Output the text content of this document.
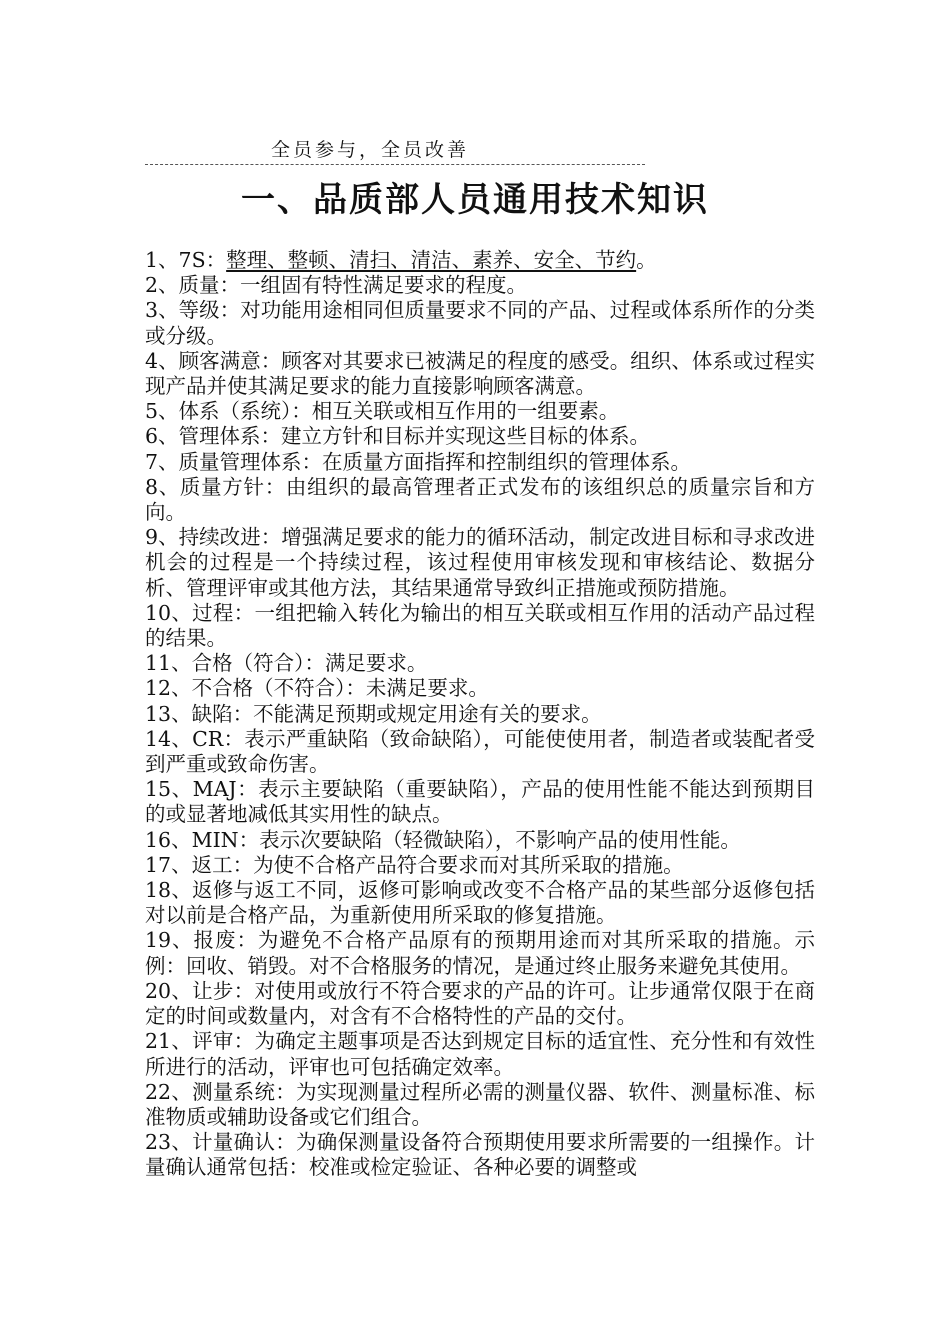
全员参与，全员改善
一、品质部人员通用技术知识

1、7S：整理、整顿、清扫、清洁、素养、安全、节约。

2、质量：一组固有特性满足要求的程度。

3、等级：对功能用途相同但质量要求不同的产品、过程或体系所作的分类或分级。

4、顾客满意：顾客对其要求已被满足的程度的感受。组织、体系或过程实现产品并使其满足要求的能力直接影响顾客满意。

5、体系（系统）：相互关联或相互作用的一组要素。

6、管理体系：建立方针和目标并实现这些目标的体系。

7、质量管理体系：在质量方面指挥和控制组织的管理体系。

8、质量方针：由组织的最高管理者正式发布的该组织总的质量宗旨和方向。

9、持续改进：增强满足要求的能力的循环活动，制定改进目标和寻求改进机会的过程是一个持续过程，该过程使用审核发现和审核结论、数据分析、管理评审或其他方法，其结果通常导致纠正措施或预防措施。

10、过程：一组把输入转化为输出的相互关联或相互作用的活动产品过程的结果。

11、合格（符合）：满足要求。

12、不合格（不符合）：未满足要求。

13、缺陷：不能满足预期或规定用途有关的要求。

14、CR：表示严重缺陷（致命缺陷），可能使使用者，制造者或装配者受到严重或致命伤害。

15、MAJ：表示主要缺陷（重要缺陷），产品的使用性能不能达到预期目的或显著地减低其实用性的缺点。

16、MIN：表示次要缺陷（轻微缺陷），不影响产品的使用性能。

17、返工：为使不合格产品符合要求而对其所采取的措施。

18、返修与返工不同，返修可影响或改变不合格产品的某些部分返修包括对以前是合格产品，为重新使用所采取的修复措施。

19、报废：为避免不合格产品原有的预期用途而对其所采取的措施。示例：回收、销毁。对不合格服务的情况，是通过终止服务来避免其使用。

20、让步：对使用或放行不符合要求的产品的许可。让步通常仅限于在商定的时间或数量内，对含有不合格特性的产品的交付。

21、评审：为确定主题事项是否达到规定目标的适宜性、充分性和有效性所进行的活动，评审也可包括确定效率。

22、测量系统：为实现测量过程所必需的测量仪器、软件、测量标准、标准物质或辅助设备或它们组合。

23、计量确认：为确保测量设备符合预期使用要求所需要的一组操作。计量确认通常包括：校准或检定验证、各种必要的调整或
